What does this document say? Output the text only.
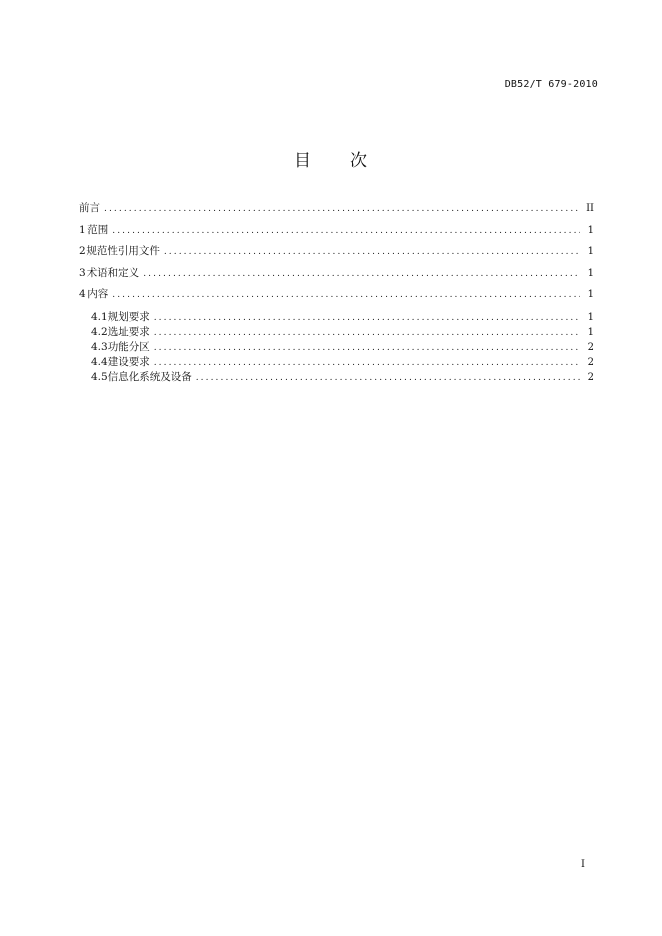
DB52/T 679-2010
目 次
前言 .....	II
1 范围 .....	1
2 规范性引用文件 .....	1
3 术语和定义 .....	1
4 内容 .....	1
4.1 规划要求 .....	1
4.2 选址要求 .....	1
4.3 功能分区 .....	2
4.4 建设要求 .....	2
4.5 信息化系统及设备 .....	2
I
